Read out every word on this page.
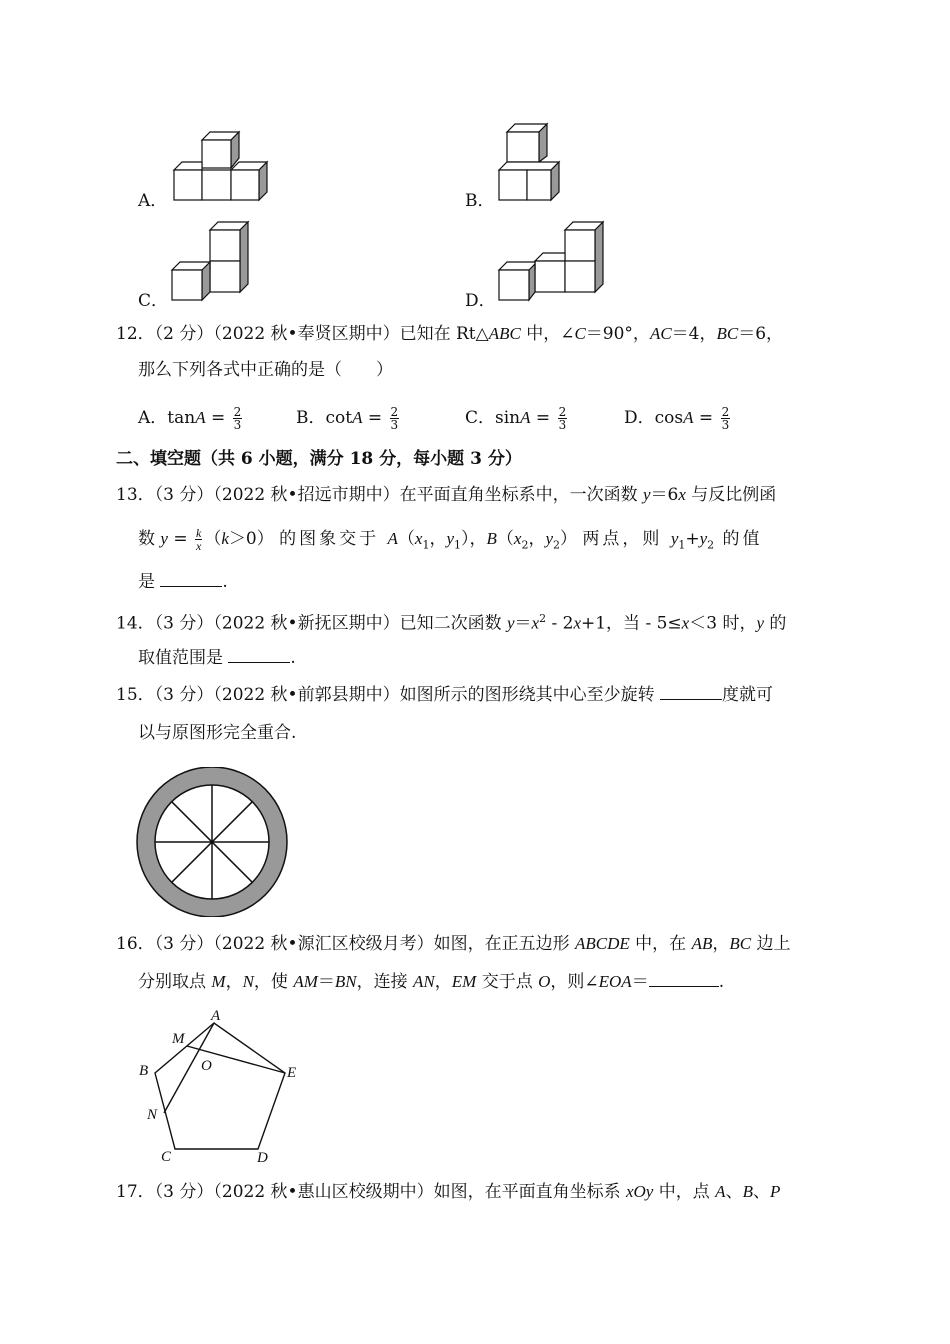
A．	B．
C．	D．
12．（2 分）（2022 秋•奉贤区期中）已知在 Rt△ABC 中，∠C＝90°，AC＝4，BC＝6，
那么下列各式中正确的是（　　）
A．$\tan A = \frac{2}{3}$	B．$\cot A = \frac{2}{3}$	C．$\sin A = \frac{2}{3}$	D．$\cos A = \frac{2}{3}$
二、填空题（共 6 小题，满分 18 分，每小题 3 分）
13．（3 分）（2022 秋•招远市期中）在平面直角坐标系中，一次函数 y＝6x 与反比例函
数 $y = \frac{k}{x} (k>0)$ 的图象交于 $A(x_1$，$y_1$），$B(x_2$，$y_2$） 两点，则 $y_1+y_2$ 的值
是	.
14．（3 分）（2022 秋•新抚区期中）已知二次函数 $y=x^2 - 2x+1$，当 - 5≤x＜3 时，y 的
取值范围是	.
15．（3 分）（2022 秋•前郭县期中）如图所示的图形绕其中心至少旋转	度就可
以与原图形完全重合.
16．（3 分）（2022 秋•源汇区校级月考）如图，在正五边形 ABCDE 中，在 AB，BC 边上
分别取点 M，N，使 AM＝BN，连接 AN，EM 交于点 O，则∠EOA＝	.
A
B
C	D
E
M
N
O
17．（3 分）（2022 秋•惠山区校级期中）如图，在平面直角坐标系 xOy 中，点 A、B、P
